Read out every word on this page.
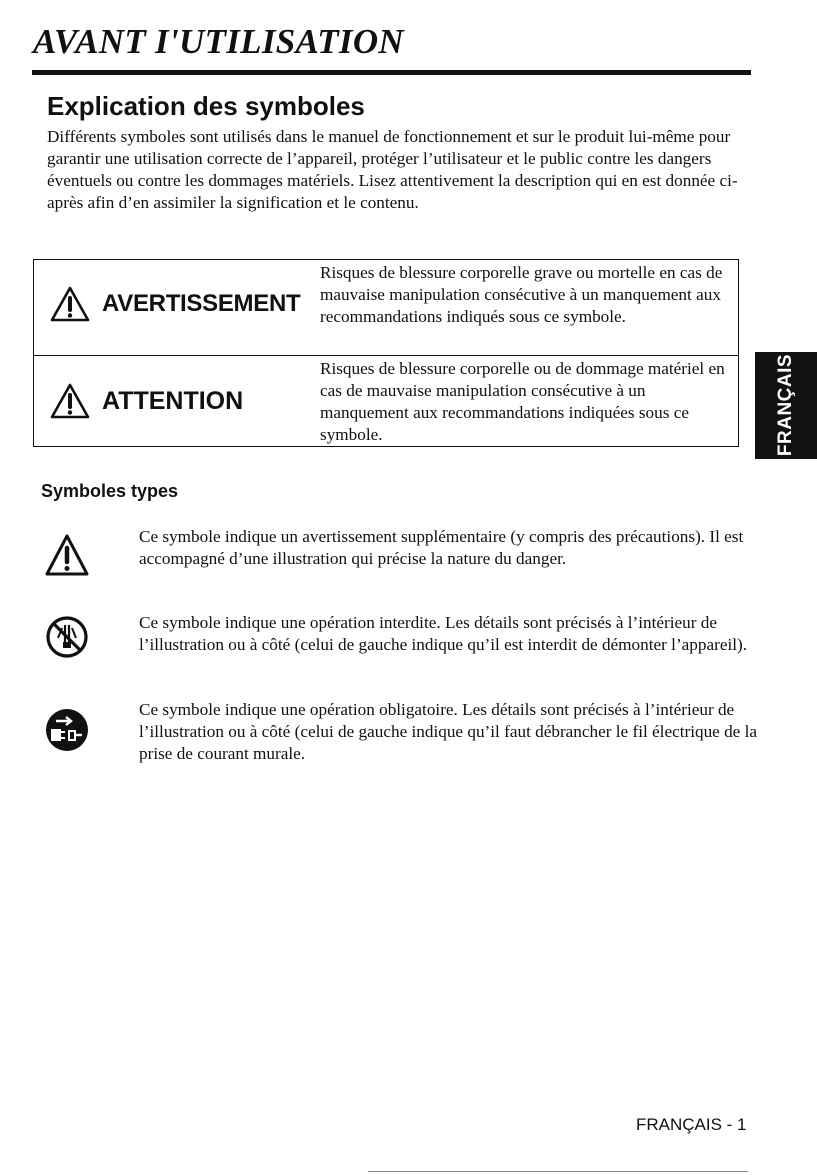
AVANT I'UTILISATION
Explication des symboles

Différents symboles sont utilisés dans le manuel de fonctionnement et sur le produit lui-même pour garantir une utilisation correcte de l’appareil, protéger l’utilisateur et le public contre les dangers éventuels ou contre les dommages matériels. Lisez attentivement la description qui en est donnée ci-après afin d’en assimiler la signification et le contenu.

AVERTISSEMENT

Risques de blessure corporelle grave ou mortelle en cas de mauvaise manipulation consécutive à un manquement aux recommandations indiqués sous ce symbole.

ATTENTION

Risques de blessure corporelle ou de dommage matériel en cas de mauvaise manipulation consécutive à un manquement aux recommandations indiquées sous ce symbole.	FRANÇAIS
Symboles types

Ce symbole indique un avertissement supplémentaire (y compris des précautions). Il est accompagné d’une illustration qui précise la nature du danger.

Ce symbole indique une opération interdite. Les détails sont précisés à l’intérieur de l’illustration ou à côté (celui de gauche indique qu’il est interdit de démonter l’appareil).

Ce symbole indique une opération obligatoire. Les détails sont précisés à l’intérieur de l’illustration ou à côté (celui de gauche indique qu’il faut débrancher le fil électrique de la prise de courant murale.

FRANÇAIS - 1
